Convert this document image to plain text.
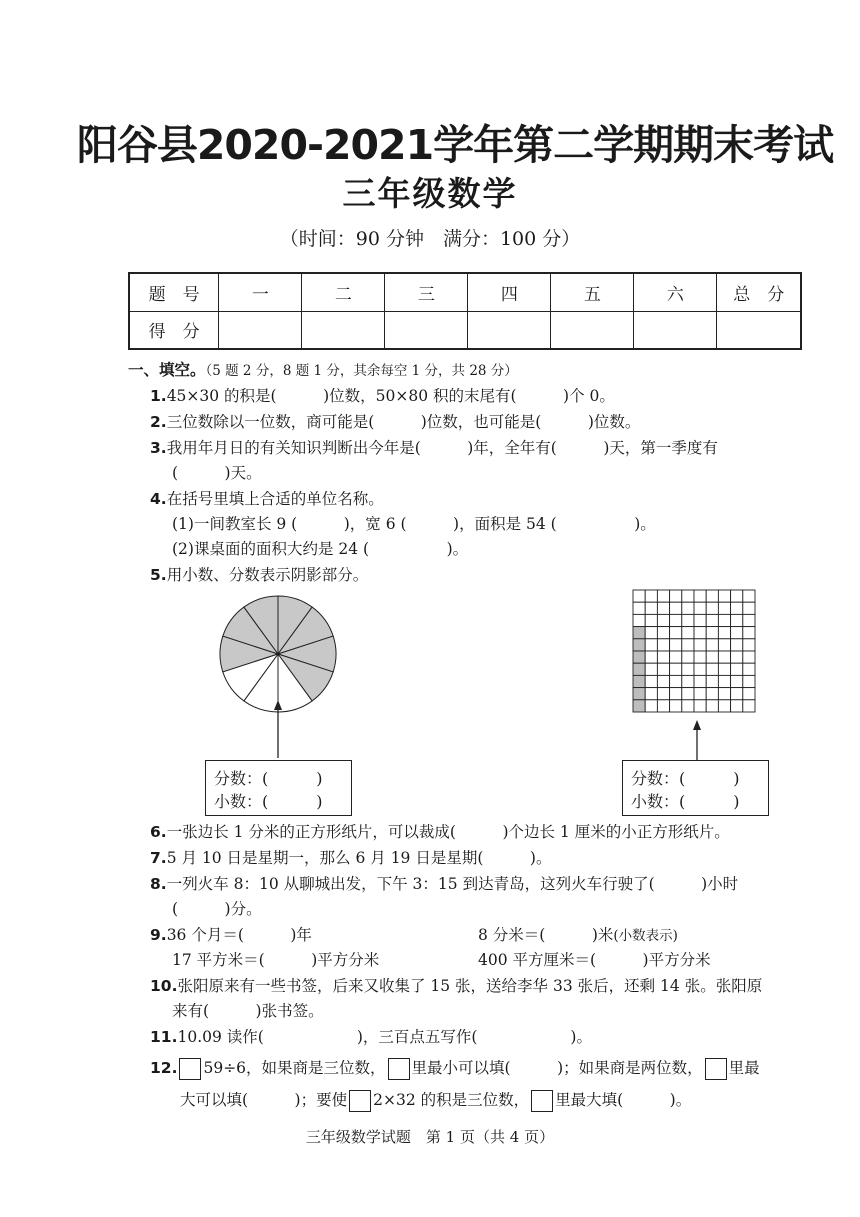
阳谷县2020-2021学年第二学期期末考试
三年级数学
（时间：90 分钟　满分：100 分）
题　号	一	二	三	四	五	六	总　分
得　分							
一、填空。（5 题 2 分，8 题 1 分，其余每空 1 分，共 28 分）
1.45×30 的积是(　　　)位数，50×80 积的末尾有(　　　)个 0。
2.三位数除以一位数，商可能是(　　　)位数，也可能是(　　　)位数。
3.我用年月日的有关知识判断出今年是(　　　)年，全年有(　　　)天，第一季度有
(　　　)天。
4.在括号里填上合适的单位名称。
(1)一间教室长 9 (　　　)，宽 6 (　　　)，面积是 54 (　　　　　)。
(2)课桌面的面积大约是 24 (　　　　　)。
5.用小数、分数表示阴影部分。
分数：(　　　)
小数：(　　　)
分数：(　　　)
小数：(　　　)
6.一张边长 1 分米的正方形纸片，可以裁成(　　　)个边长 1 厘米的小正方形纸片。
7.5 月 10 日是星期一，那么 6 月 19 日是星期(　　　)。
8.一列火车 8：10 从聊城出发，下午 3：15 到达青岛，这列火车行驶了(　　　)小时
(　　　)分。
9.36 个月＝(　　　)年	8 分米＝(　　　)米(小数表示)
17 平方米＝(　　　)平方分米	400 平方厘米＝(　　　)平方分米
10.张阳原来有一些书签，后来又收集了 15 张，送给李华 33 张后，还剩 14 张。张阳原
来有(　　　)张书签。
11.10.09 读作(　　　　　　)，三百点五写作(　　　　　　)。
12. 59÷6，如果商是三位数， 里最小可以填(　　　)；如果商是两位数， 里最
大可以填(　　　)；要使 2×32 的积是三位数， 里最大填(　　　)。
三年级数学试题　第 1 页（共 4 页）
